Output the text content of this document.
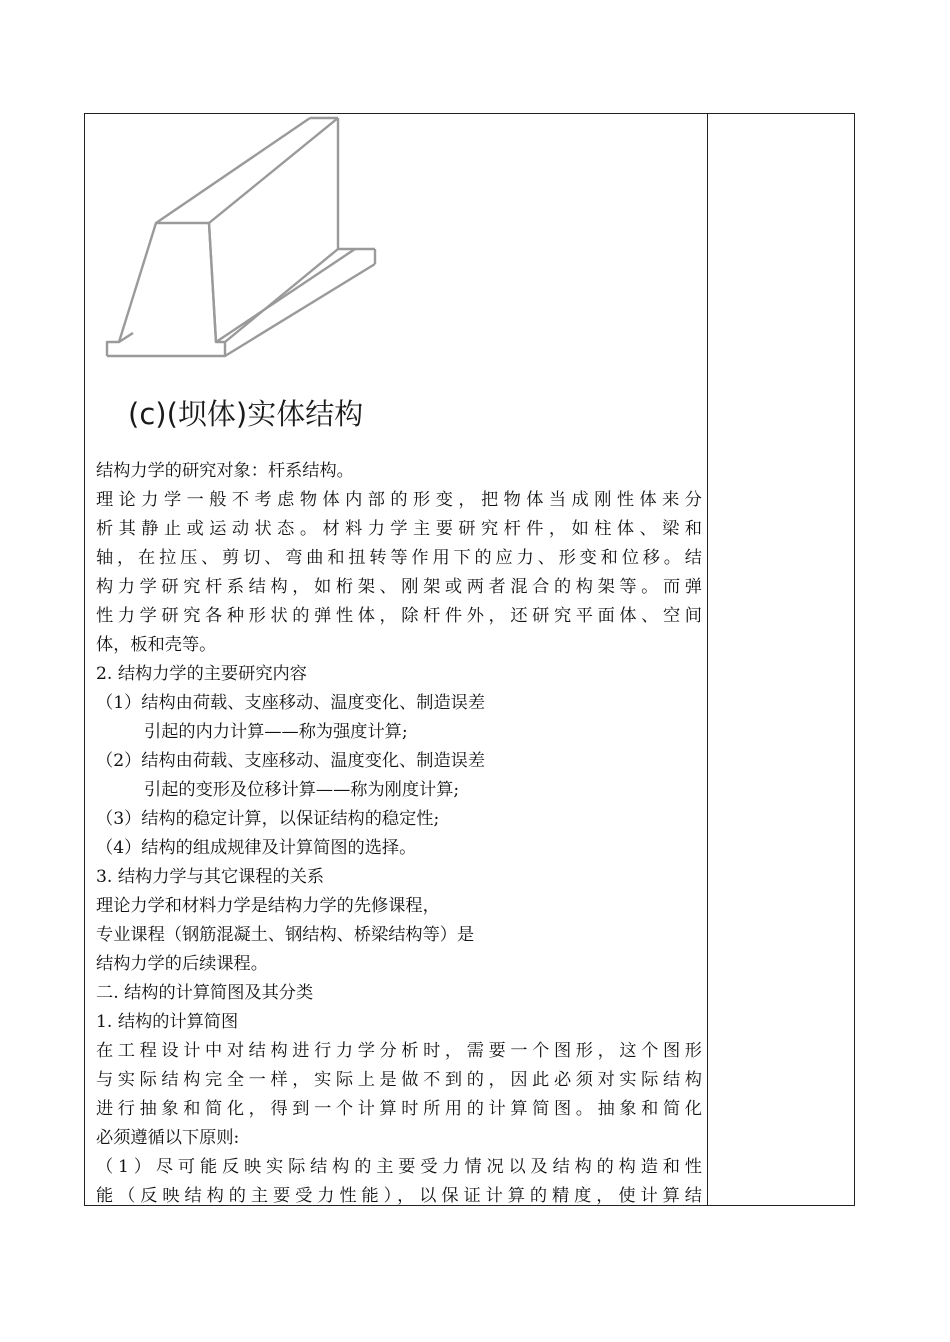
(c)(坝体)实体结构
结构力学的研究对象：杆系结构。
理论力学一般不考虑物体内部的形变，把物体当成刚性体来分
析其静止或运动状态。材料力学主要研究杆件，如柱体、梁和
轴，在拉压、剪切、弯曲和扭转等作用下的应力、形变和位移。结
构力学研究杆系结构，如桁架、刚架或两者混合的构架等。而弹
性力学研究各种形状的弹性体，除杆件外，还研究平面体、空间
体，板和壳等。
2. 结构力学的主要研究内容
（1）结构由荷载、支座移动、温度变化、制造误差
引起的内力计算——称为强度计算;
（2）结构由荷载、支座移动、温度变化、制造误差
引起的变形及位移计算——称为刚度计算;
（3）结构的稳定计算，以保证结构的稳定性;
（4）结构的组成规律及计算简图的选择。
3. 结构力学与其它课程的关系
理论力学和材料力学是结构力学的先修课程，
专业课程（钢筋混凝土、钢结构、桥梁结构等）是
结构力学的后续课程。
二. 结构的计算简图及其分类
1. 结构的计算简图
在工程设计中对结构进行力学分析时，需要一个图形，这个图形
与实际结构完全一样，实际上是做不到的，因此必须对实际结构
进行抽象和简化，得到一个计算时所用的计算简图。抽象和简化
必须遵循以下原则:
（1）尽可能反映实际结构的主要受力情况以及结构的构造和性
能（反映结构的主要受力性能），以保证计算的精度，使计算结
